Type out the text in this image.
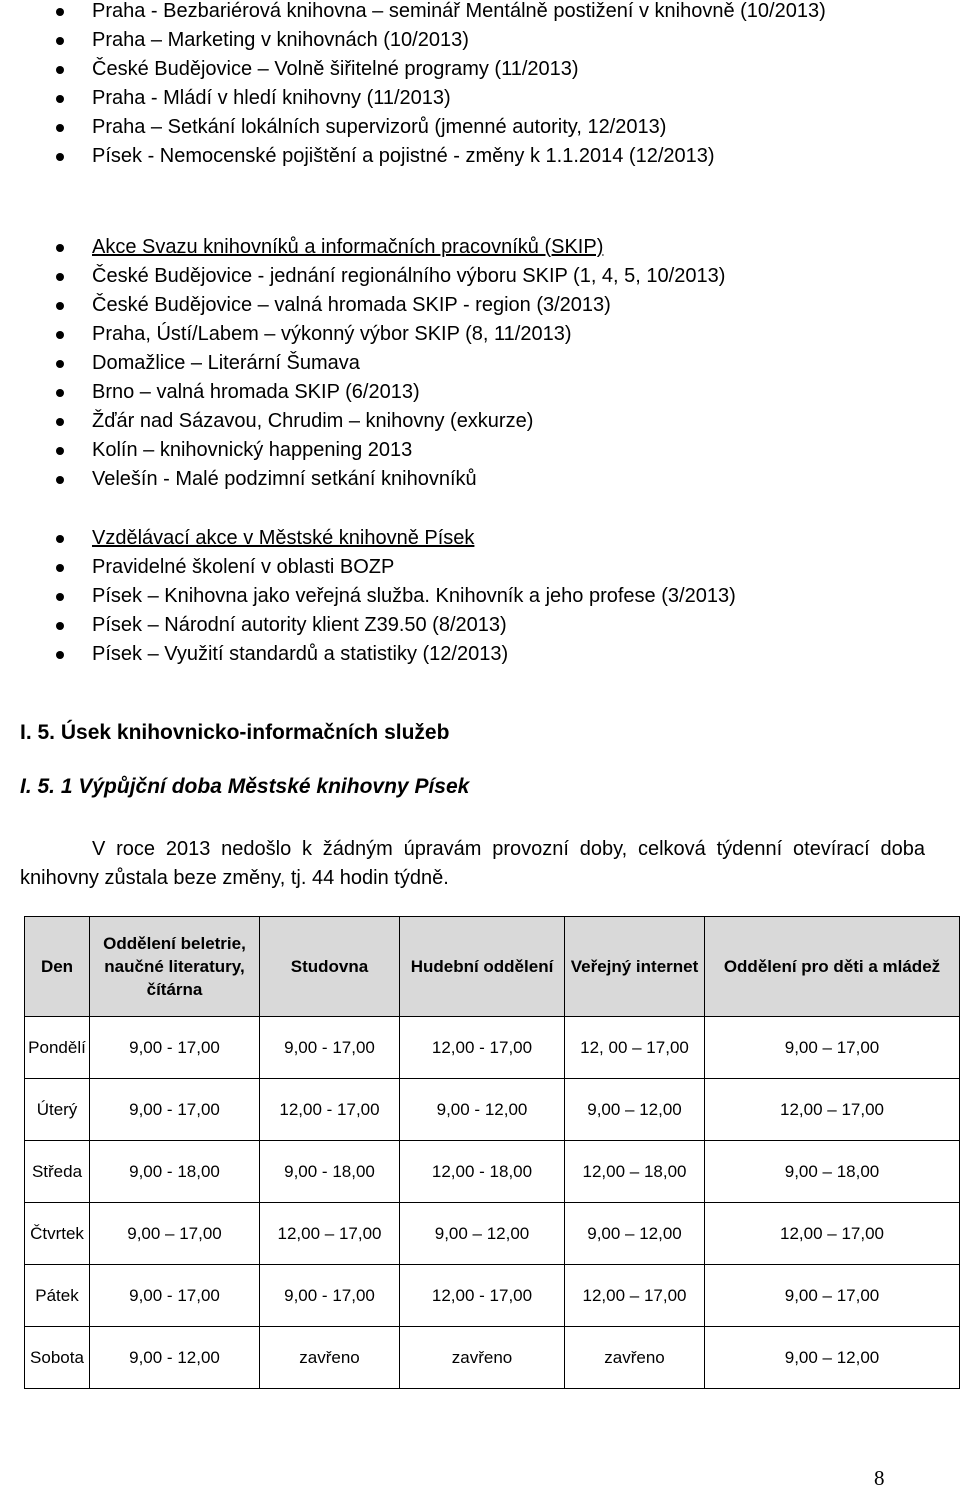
Praha - Bezbariérová knihovna – seminář Mentálně postižení v knihovně (10/2013)
Praha – Marketing v knihovnách (10/2013)
České Budějovice – Volně šiřitelné programy (11/2013)
Praha - Mládí v hledí knihovny (11/2013)
Praha – Setkání lokálních supervizorů (jmenné autority, 12/2013)
Písek - Nemocenské pojištění a pojistné - změny k 1.1.2014 (12/2013)
Akce Svazu knihovníků a informačních pracovníků (SKIP)
České Budějovice - jednání regionálního výboru SKIP (1, 4, 5, 10/2013)
České Budějovice – valná hromada SKIP - region (3/2013)
Praha, Ústí/Labem – výkonný výbor SKIP (8, 11/2013)
Domažlice – Literární Šumava
Brno – valná hromada SKIP (6/2013)
Žďár nad Sázavou, Chrudim – knihovny (exkurze)
Kolín – knihovnický happening 2013
Velešín - Malé podzimní setkání knihovníků
Vzdělávací akce v Městské knihovně Písek
Pravidelné školení v oblasti BOZP
Písek – Knihovna jako veřejná služba. Knihovník a jeho profese (3/2013)
Písek – Národní autority klient Z39.50 (8/2013)
Písek – Využití standardů a statistiky (12/2013)
I. 5. Úsek knihovnicko-informačních služeb
I. 5. 1 Výpůjční doba Městské knihovny Písek

V roce 2013 nedošlo k žádným úpravám provozní doby, celková týdenní otevírací doba knihovny zůstala beze změny, tj. 44 hodin týdně.

Den	Oddělení beletrie, naučné literatury, čítárna	Studovna	Hudební oddělení	Veřejný internet	Oddělení pro děti a mládež
Pondělí	9,00 - 17,00	9,00 - 17,00	12,00 - 17,00	12, 00 – 17,00	9,00 – 17,00
Úterý	9,00 - 17,00	12,00 - 17,00	9,00 - 12,00	9,00 – 12,00	12,00 – 17,00
Středa	9,00 - 18,00	9,00 - 18,00	12,00 - 18,00	12,00 – 18,00	9,00 – 18,00
Čtvrtek	9,00 – 17,00	12,00 – 17,00	9,00 – 12,00	9,00 – 12,00	12,00 – 17,00
Pátek	9,00 - 17,00	9,00 - 17,00	12,00 - 17,00	12,00 – 17,00	9,00 – 17,00
Sobota	9,00 - 12,00	zavřeno	zavřeno	zavřeno	9,00 – 12,00
8
